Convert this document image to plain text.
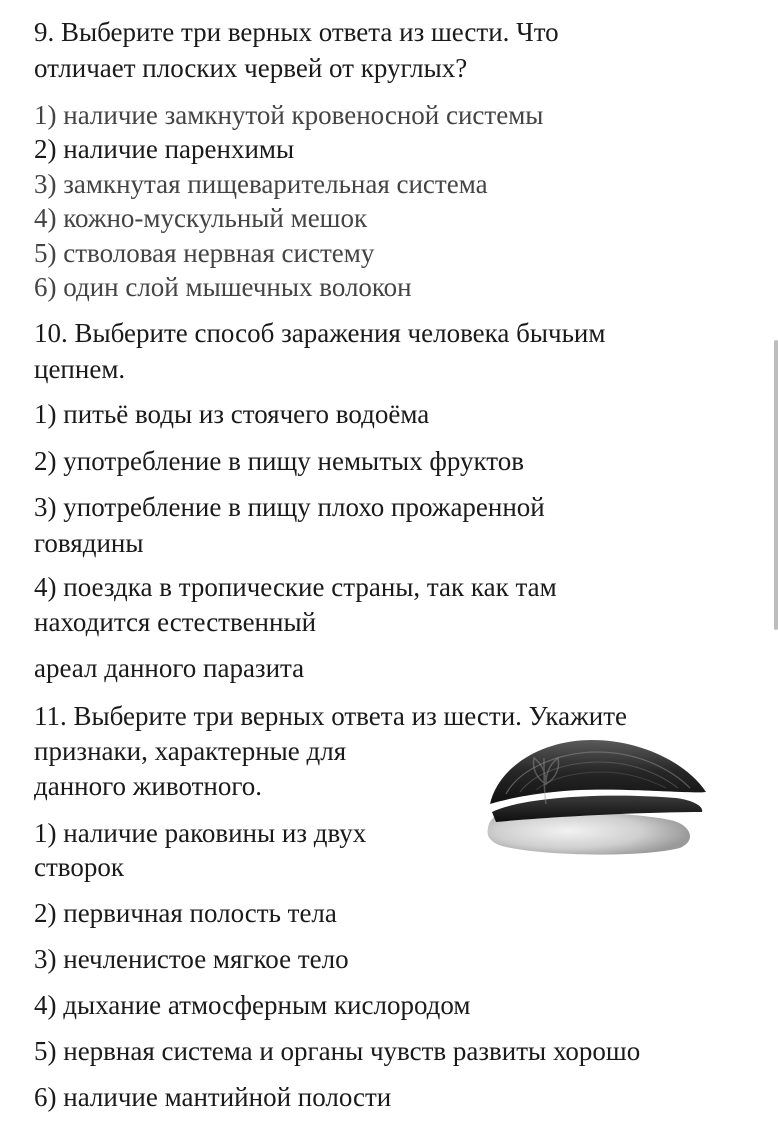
9. Выберите три верных ответа из шести. Что
отличает плоских червей от круглых?
1) наличие замкнутой кровеносной системы
2) наличие паренхимы
3) замкнутая пищеварительная система
4) кожно-мускульный мешок
5) стволовая нервная систему
6) один слой мышечных волокон
10. Выберите способ заражения человека бычьим
цепнем.
1) питьё воды из стоячего водоёма
2) употребление в пищу немытых фруктов
3) употребление в пищу плохо прожаренной
говядины
4) поездка в тропические страны, так как там
находится естественный
ареал данного паразита
11. Выберите три верных ответа из шести. Укажите
признаки, характерные для
данного животного.
1) наличие раковины из двух
створок
2) первичная полость тела
3) нечленистое мягкое тело
4) дыхание атмосферным кислородом
5) нервная система и органы чувств развиты хорошо
6) наличие мантийной полости
